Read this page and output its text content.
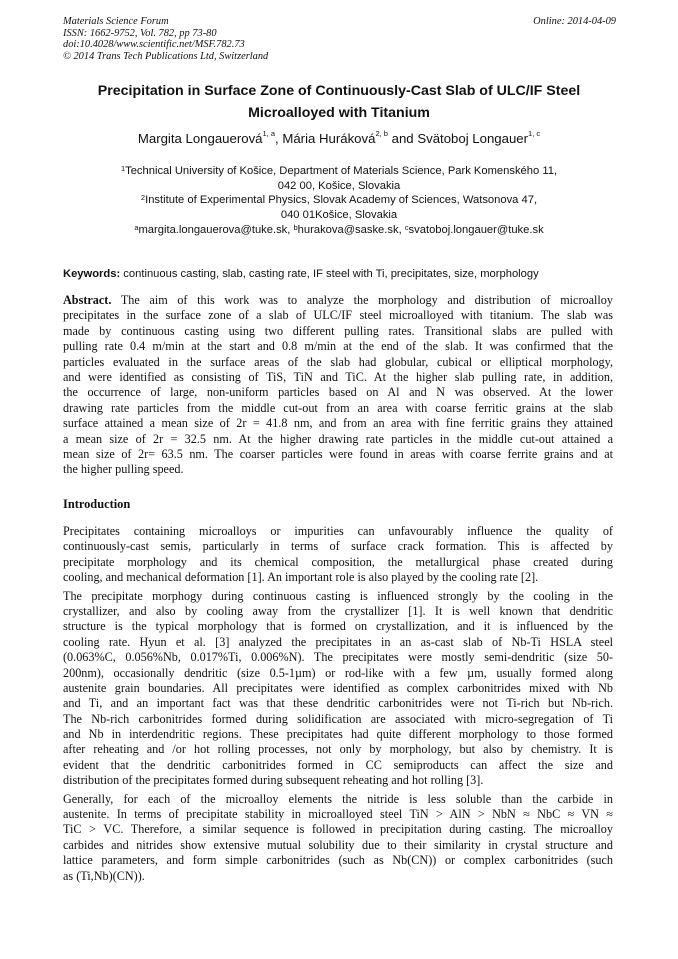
Materials Science Forum
ISSN: 1662-9752, Vol. 782, pp 73-80
doi:10.4028/www.scientific.net/MSF.782.73
© 2014 Trans Tech Publications Ltd, Switzerland
Online: 2014-04-09
Precipitation in Surface Zone of Continuously-Cast Slab of ULC/IF Steel
Microalloyed with Titanium
Margita Longauerová$^{1, a}$, Mária Huráková$^{2, b}$ and Svätoboj Longauer$^{1, c}$
$^1$Technical University of Košice, Department of Materials Science, Park Komenského 11,
042 00, Košice, Slovakia
$^2$Institute of Experimental Physics, Slovak Academy of Sciences, Watsonova 47,
040 01Košice, Slovakia
$^a$margita.longauerova@tuke.sk, $^b$hurakova@saske.sk, $^c$svatoboj.longauer@tuke.sk
Keywords: continuous casting, slab, casting rate, IF steel with Ti, precipitates, size, morphology
Abstract. The aim of this work was to analyze the morphology and distribution of microalloy
precipitates in the surface zone of a slab of ULC/IF steel microalloyed with titanium. The slab was
made by continuous casting using two different pulling rates. Transitional slabs are pulled with
pulling rate 0.4 m/min at the start and 0.8 m/min at the end of the slab. It was confirmed that the
particles evaluated in the surface areas of the slab had globular, cubical or elliptical morphology,
and were identified as consisting of TiS, TiN and TiC. At the higher slab pulling rate, in addition,
the occurrence of large, non-uniform particles based on Al and N was observed. At the lower
drawing rate particles from the middle cut-out from an area with coarse ferritic grains at the slab
surface attained a mean size of 2r = 41.8 nm, and from an area with fine ferritic grains they attained
a mean size of 2r = 32.5 nm. At the higher drawing rate particles in the middle cut-out attained a
mean size of 2r= 63.5 nm. The coarser particles were found in areas with coarse ferrite grains and at
the higher pulling speed.
Introduction
Precipitates containing microalloys or impurities can unfavourably influence the quality of
continuously-cast semis, particularly in terms of surface crack formation. This is affected by
precipitate morphology and its chemical composition, the metallurgical phase created during
cooling, and mechanical deformation [1]. An important role is also played by the cooling rate [2].
The precipitate morphogy during continuous casting is influenced strongly by the cooling in the
crystallizer, and also by cooling away from the crystallizer [1]. It is well known that dendritic
structure is the typical morphology that is formed on crystallization, and it is influenced by the
cooling rate. Hyun et al. [3] analyzed the precipitates in an as-cast slab of Nb-Ti HSLA steel
(0.063%C, 0.056%Nb, 0.017%Ti, 0.006%N). The precipitates were mostly semi-dendritic (size 50-
200nm), occasionally dendritic (size 0.5-1µm) or rod-like with a few µm, usually formed along
austenite grain boundaries. All precipitates were identified as complex carbonitrides mixed with Nb
and Ti, and an important fact was that these dendritic carbonitrides were not Ti-rich but Nb-rich.
The Nb-rich carbonitrides formed during solidification are associated with micro-segregation of Ti
and Nb in interdendritic regions. These precipitates had quite different morphology to those formed
after reheating and /or hot rolling processes, not only by morphology, but also by chemistry. It is
evident that the dendritic carbonitrides formed in CC semiproducts can affect the size and
distribution of the precipitates formed during subsequent reheating and hot rolling [3].
Generally, for each of the microalloy elements the nitride is less soluble than the carbide in
austenite. In terms of precipitate stability in microalloyed steel TiN > AlN > NbN ≈ NbC ≈ VN ≈
TiC > VC. Therefore, a similar sequence is followed in precipitation during casting. The microalloy
carbides and nitrides show extensive mutual solubility due to their similarity in crystal structure and
lattice parameters, and form simple carbonitrides (such as Nb(CN)) or complex carbonitrides (such
as (Ti,Nb)(CN)).
